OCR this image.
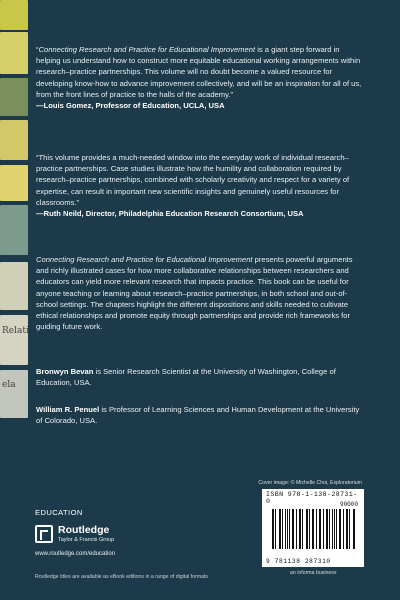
Relati
ela

“Connecting Research and Practice for Educational Improvement is a giant step forward in helping us understand how to construct more equitable educational working arrangements within research–practice partnerships. This volume will no doubt become a valued resource for developing know-how to advance improvement collectively, and will be an inspiration for all of us, from the front lines of practice to the halls of the academy.”

—Louis Gomez, Professor of Education, UCLA, USA

“This volume provides a much-needed window into the everyday work of individual research–practice partnerships. Case studies illustrate how the humility and collaboration required by research–practice partnerships, combined with scholarly creativity and respect for a variety of expertise, can result in important new scientific insights and genuinely useful resources for classrooms.”

—Ruth Neild, Director, Philadelphia Education Research Consortium, USA

Connecting Research and Practice for Educational Improvement presents powerful arguments and richly illustrated cases for how more collaborative relationships between researchers and educators can yield more relevant research that impacts practice. This book can be useful for anyone teaching or learning about research–practice partnerships, in both school and out-of-school settings. The chapters highlight the different dispositions and skills needed to cultivate ethical relationships and promote equity through partnerships and provide rich frameworks for guiding future work.

Bronwyn Bevan is Senior Research Scientist at the University of Washington, College of Education, USA.

William R. Penuel is Professor of Learning Sciences and Human Development at the University of Colorado, USA.

Cover image: © Michelle Choi, Exploratorium
ISBN 978-1-138-28731-0	90000
9 781138 287310
an informa business
EDUCATION
Routledge
Taylor & Francis Group
www.routledge.com/education
Routledge titles are available as eBook editions in a range of digital formats
